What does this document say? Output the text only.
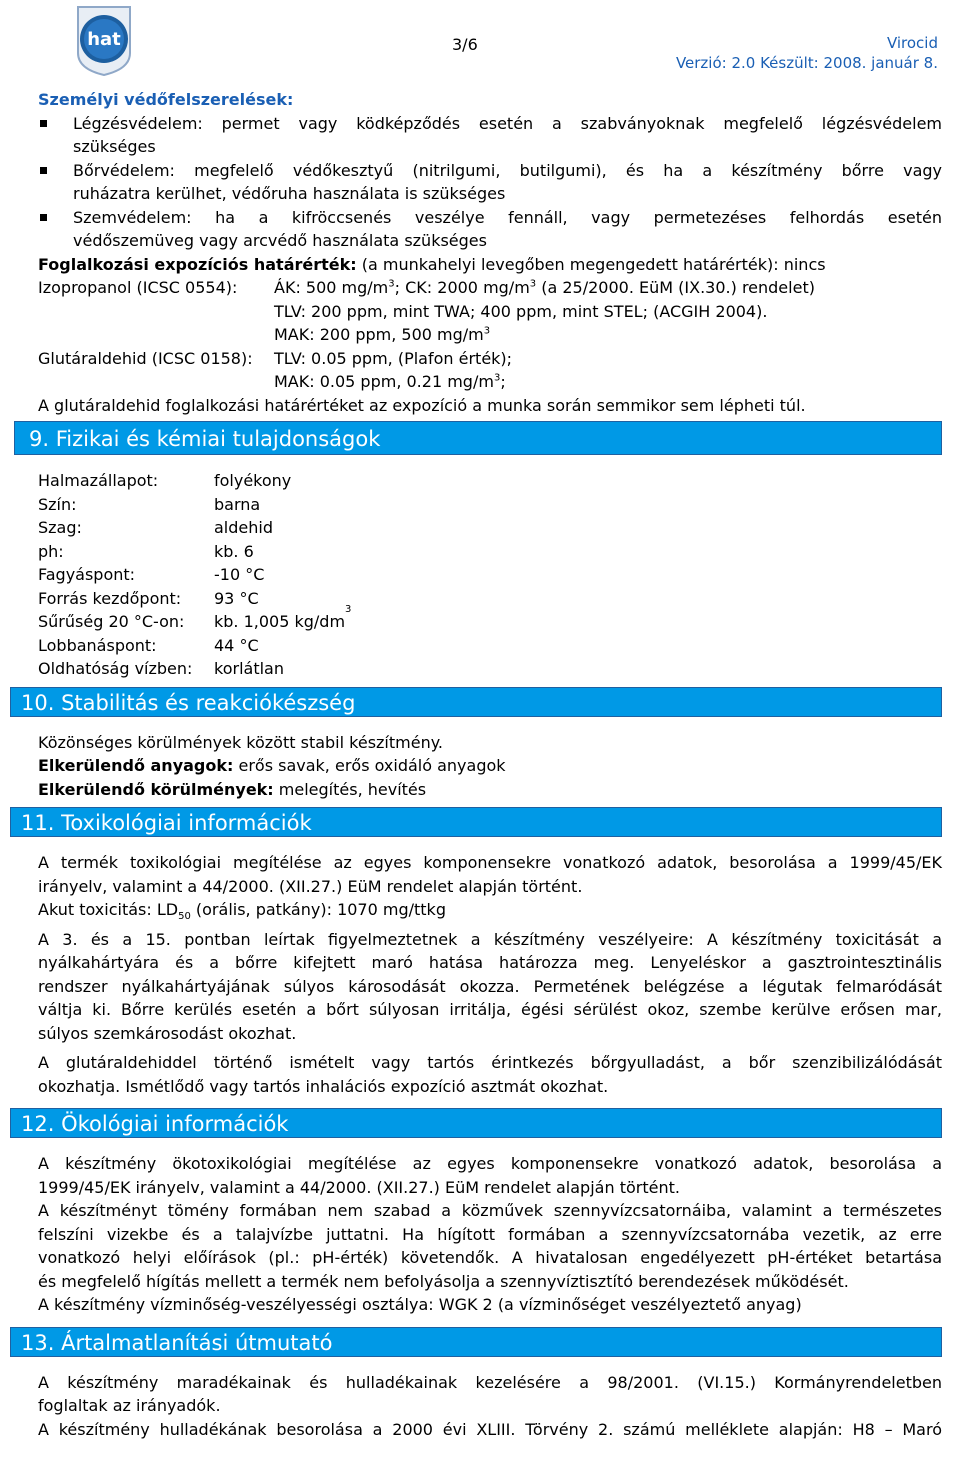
hat	3/6	Virocid
Verzió: 2.0 Készült: 2008. január 8.

Személyi védőfelszerelések:

Légzésvédelem: permet vagy ködképződés esetén a szabványoknak megfelelő légzésvédelem
szükséges
Bőrvédelem: megfelelő védőkesztyű (nitrilgumi, butilgumi), és ha a készítmény bőrre vagy
ruházatra kerülhet, védőruha használata is szükséges
Szemvédelem: ha a kifröccsenés veszélye fennáll, vagy permetezéses felhordás esetén
védőszemüveg vagy arcvédő használata szükséges

Foglalkozási expozíciós határérték: (a munkahelyi levegőben megengedett határérték): nincs

Izopropanol (ICSC 0554):	ÁK: 500 $mg/m^3$; CK: 2000 $mg/m^3$ (a 25/2000. EüM (IX.30.) rendelet)
TLV: 200 ppm, mint TWA; 400 ppm, mint STEL; (ACGIH 2004).
MAK: 200 ppm, 500 $mg/m^3$
Glutáraldehid (ICSC 0158):	TLV: 0.05 ppm, (Plafon érték);
MAK: 0.05 ppm, 0.21 $mg/m^3$;

A glutáraldehid foglalkozási határértéket az expozíció a munka során semmikor sem lépheti túl.

9. Fizikai és kémiai tulajdonságok
Halmazállapot:	folyékony
Szín:	barna
Szag:	aldehid
ph:	kb. 6
Fagyáspont:	-10 °C
Forrás kezdőpont:	93 °C
Sűrűség 20 °C-on:	kb. 1,005 kg/dm
3
Lobbanáspont:	44 °C
Oldhatóság vízben:	korlátlan
10. Stabilitás és reakciókészség

Közönséges körülmények között stabil készítmény.

Elkerülendő anyagok: erős savak, erős oxidáló anyagok

Elkerülendő körülmények: melegítés, hevítés

11. Toxikológiai információk

A termék toxikológiai megítélése az egyes komponensekre vonatkozó adatok, besorolása a 1999/45/EK

irányelv, valamint a 44/2000. (XII.27.) EüM rendelet alapján történt.

Akut toxicitás: $LD_{50}$ (orális, patkány): 1070 mg/ttkg

A 3. és a 15. pontban leírtak figyelmeztetnek a készítmény veszélyeire: A készítmény toxicitását a

nyálkahártyára és a bőrre kifejtett maró hatása határozza meg. Lenyeléskor a gasztrointesztinális

rendszer nyálkahártyájának súlyos károsodását okozza. Permetének belégzése a légutak felmaródását

váltja ki. Bőrre kerülés esetén a bőrt súlyosan irritálja, égési sérülést okoz, szembe kerülve erősen mar,

súlyos szemkárosodást okozhat.

A glutáraldehiddel történő ismételt vagy tartós érintkezés bőrgyulladást, a bőr szenzibilizálódását

okozhatja. Ismétlődő vagy tartós inhalációs expozíció asztmát okozhat.

12. Ökológiai információk

A készítmény ökotoxikológiai megítélése az egyes komponensekre vonatkozó adatok, besorolása a

1999/45/EK irányelv, valamint a 44/2000. (XII.27.) EüM rendelet alapján történt.

A készítményt tömény formában nem szabad a közművek szennyvízcsatornáiba, valamint a természetes

felszíni vizekbe és a talajvízbe juttatni. Ha hígított formában a szennyvízcsatornába vezetik, az erre

vonatkozó helyi előírások (pl.: pH-érték) követendők. A hivatalosan engedélyezett pH-értéket betartása

és megfelelő hígítás mellett a termék nem befolyásolja a szennyvíztisztító berendezések működését.

A készítmény vízminőség-veszélyességi osztálya: WGK 2 (a vízminőséget veszélyeztető anyag)

13. Ártalmatlanítási útmutató

A készítmény maradékainak és hulladékainak kezelésére a 98/2001. (VI.15.) Kormányrendeletben

foglaltak az irányadók.

A készítmény hulladékának besorolása a 2000 évi XLIII. Törvény 2. számú melléklete alapján: H8 – Maró
